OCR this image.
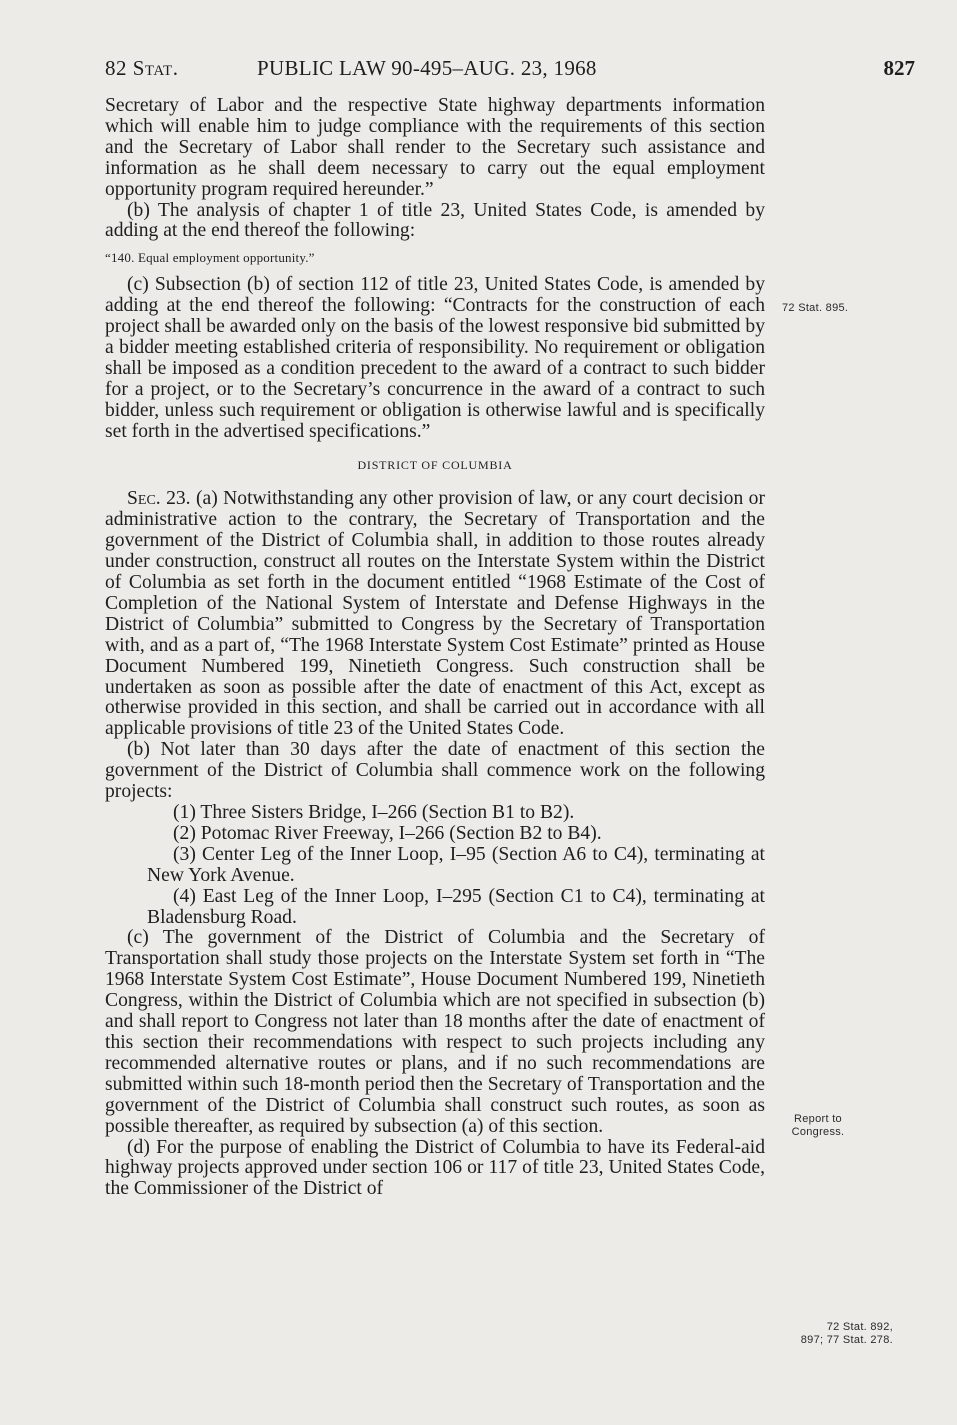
82 Stat.	PUBLIC LAW 90-495–AUG. 23, 1968	827

Secretary of Labor and the respective State highway departments information which will enable him to judge compliance with the requirements of this section and the Secretary of Labor shall render to the Secretary such assistance and information as he shall deem necessary to carry out the equal employment opportunity program required hereunder.”

(b) The analysis of chapter 1 of title 23, United States Code, is amended by adding at the end thereof the following:

“140. Equal employment opportunity.”

(c) Subsection (b) of section 112 of title 23, United States Code, is amended by adding at the end thereof the following: “Contracts for the construction of each project shall be awarded only on the basis of the lowest responsive bid submitted by a bidder meeting established criteria of responsibility. No requirement or obligation shall be imposed as a condition precedent to the award of a contract to such bidder for a project, or to the Secretary’s concurrence in the award of a contract to such bidder, unless such requirement or obligation is otherwise lawful and is specifically set forth in the advertised specifications.”

DISTRICT OF COLUMBIA

Sec. 23. (a) Notwithstanding any other provision of law, or any court decision or administrative action to the contrary, the Secretary of Transportation and the government of the District of Columbia shall, in addition to those routes already under construction, construct all routes on the Interstate System within the District of Columbia as set forth in the document entitled “1968 Estimate of the Cost of Completion of the National System of Interstate and Defense Highways in the District of Columbia” submitted to Congress by the Secretary of Transportation with, and as a part of, “The 1968 Interstate System Cost Estimate” printed as House Document Numbered 199, Ninetieth Congress. Such construction shall be undertaken as soon as possible after the date of enactment of this Act, except as otherwise provided in this section, and shall be carried out in accordance with all applicable provisions of title 23 of the United States Code.

(b) Not later than 30 days after the date of enactment of this section the government of the District of Columbia shall commence work on the following projects:

(1) Three Sisters Bridge, I–266 (Section B1 to B2).

(2) Potomac River Freeway, I–266 (Section B2 to B4).

(3) Center Leg of the Inner Loop, I–95 (Section A6 to C4), terminating at New York Avenue.

(4) East Leg of the Inner Loop, I–295 (Section C1 to C4), terminating at Bladensburg Road.

(c) The government of the District of Columbia and the Secretary of Transportation shall study those projects on the Interstate System set forth in “The 1968 Interstate System Cost Estimate”, House Document Numbered 199, Ninetieth Congress, within the District of Columbia which are not specified in subsection (b) and shall report to Congress not later than 18 months after the date of enactment of this section their recommendations with respect to such projects including any recommended alternative routes or plans, and if no such recommendations are submitted within such 18-month period then the Secretary of Transportation and the government of the District of Columbia shall construct such routes, as soon as possible thereafter, as required by subsection (a) of this section.

(d) For the purpose of enabling the District of Columbia to have its Federal-aid highway projects approved under section 106 or 117 of title 23, United States Code, the Commissioner of the District of

72 Stat. 895.
Report to
Congress.
72 Stat. 892,
897; 77 Stat. 278.
